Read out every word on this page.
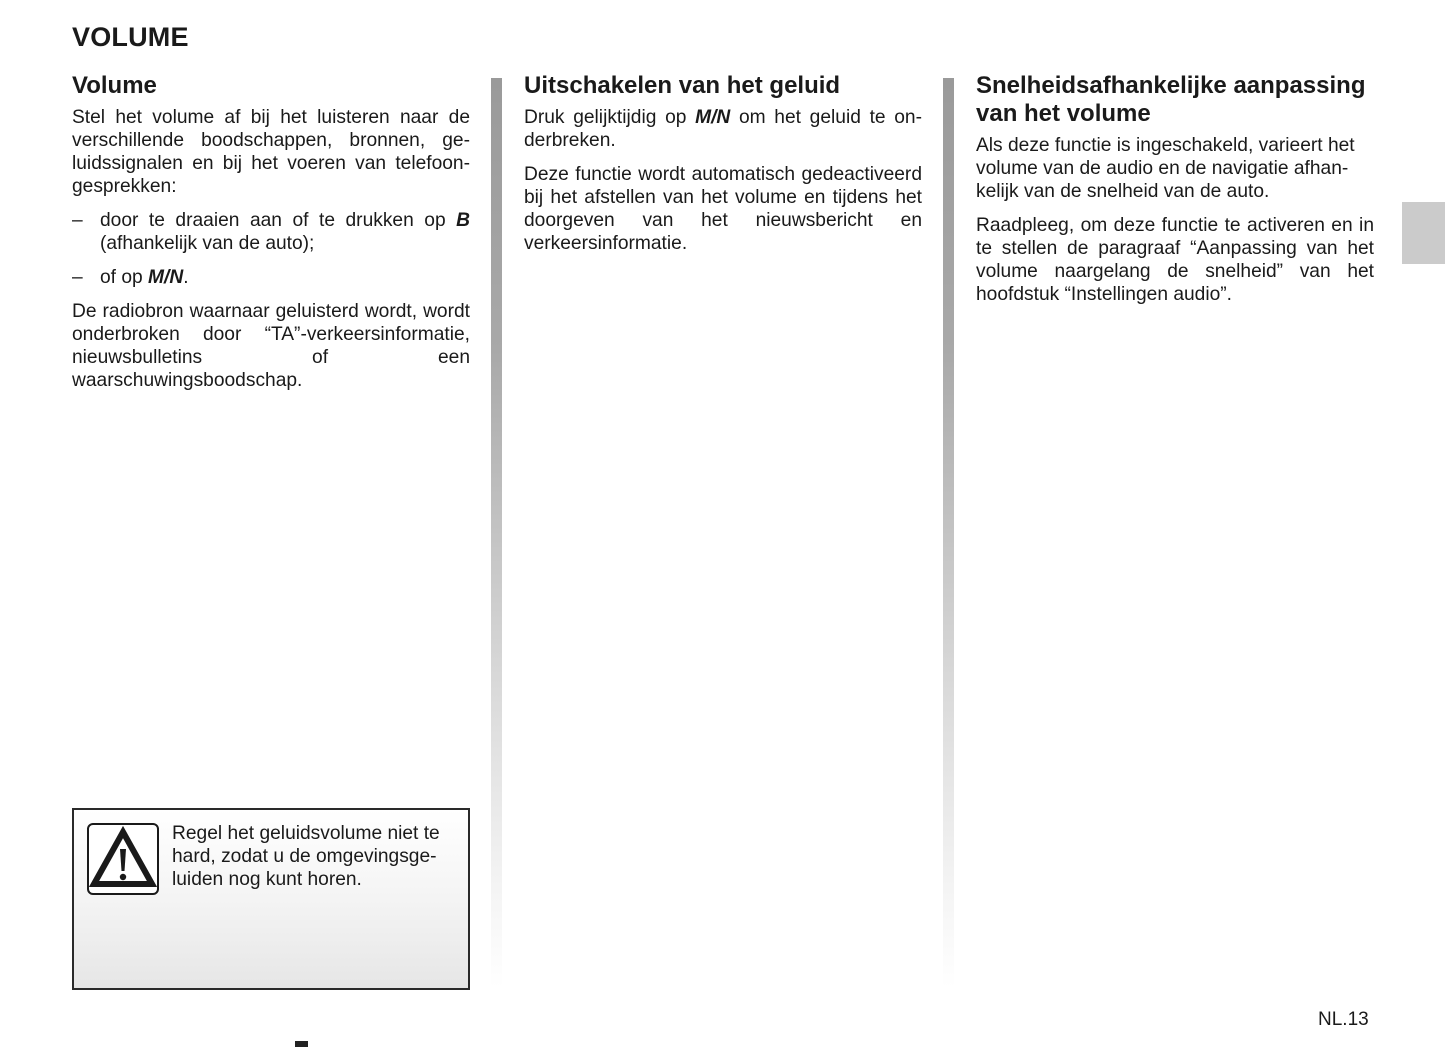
VOLUME
Volume

Stel het volume af bij het luisteren naar de verschillende boodschappen, bronnen, geluidssignalen en bij het voeren van telefoongesprekken:

– door te draaien aan of te drukken op B (afhankelijk van de auto);
– of op M/N.

De radiobron waarnaar geluisterd wordt, wordt onderbroken door “TA”-verkeersinformatie, nieuwsbulletins of een waarschuwingsboodschap.

Uitschakelen van het geluid

Druk gelijktijdig op M/N om het geluid te onderbreken.

Deze functie wordt automatisch gedeactiveerd bij het afstellen van het volume en tijdens het doorgeven van het nieuwsbericht en verkeersinformatie.

Snelheidsafhankelijke aanpassing van het volume

Als deze functie is ingeschakeld, varieert het volume van de audio en de navigatie afhankelijk van de snelheid van de auto.

Raadpleeg, om deze functie te activeren en in te stellen de paragraaf “Aanpassing van het volume naargelang de snelheid” van het hoofdstuk “Instellingen audio”.

Regel het geluidsvolume niet te hard, zodat u de omgevingsgeluiden nog kunt horen.
NL.13
